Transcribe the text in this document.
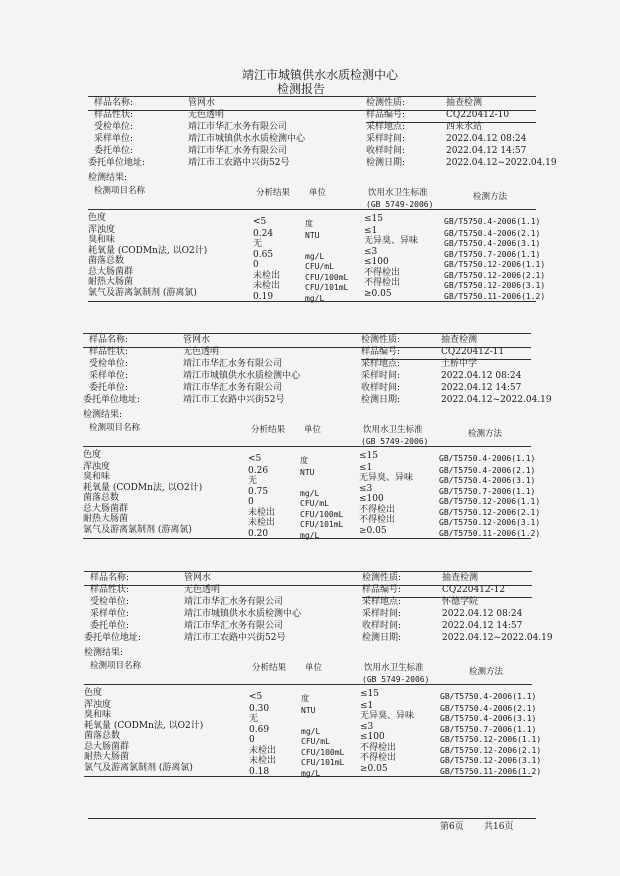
靖江市城镇供水水质检测中心
检测报告
样品名称:	管网水
样品性状:	无色透明
受检单位:	靖江市华汇水务有限公司
采样单位:	靖江市城镇供水水质检测中心
委托单位:	靖江市华汇水务有限公司
委托单位地址:	靖江市工农路中兴街52号
检测性质:	抽查检测
样品编号:	CQ220412-10
采样地点:	西来水站
采样时间:	2022.04.12 08:24
收样时间:	2022.04.12 14:57
检测日期:	2022.04.12~2022.04.19
检测结果:
检测项目名称	分析结果 单位	饮用水卫生标准
(GB 5749-2006)
检测方法
色度	<5	度	≤15	GB/T5750.4-2006(1.1)
浑浊度	0.24	NTU	≤1	GB/T5750.4-2006(2.1)
臭和味	无	无异臭、异味	GB/T5750.4-2006(3.1)
耗氧量 (CODMn法, 以O2计)	0.65	mg/L	≤3	GB/T5750.7-2006(1.1)
菌落总数	0	CFU/mL	≤100	GB/T5750.12-2006(1.1)
总大肠菌群	未检出	CFU/100mL 不得检出	GB/T5750.12-2006(2.1)
耐热大肠菌	未检出	CFU/101mL 不得检出	GB/T5750.12-2006(3.1)
氯气及游离氯制剂 (游离氯)	0.19	mg/L	≥0.05	GB/T5750.11-2006(1.2)
样品名称:	管网水
样品性状:	无色透明
受检单位:	靖江市华汇水务有限公司
采样单位:	靖江市城镇供水水质检测中心
委托单位:	靖江市华汇水务有限公司
委托单位地址:	靖江市工农路中兴街52号
检测性质:	抽查检测
样品编号:	CQ220412-11
采样地点:	土桥中学
采样时间:	2022.04.12 08:24
收样时间:	2022.04.12 14:57
检测日期:	2022.04.12~2022.04.19
检测结果:
检测项目名称	分析结果 单位	饮用水卫生标准
(GB 5749-2006)
检测方法
色度	<5	度	≤15	GB/T5750.4-2006(1.1)
浑浊度	0.26	NTU	≤1	GB/T5750.4-2006(2.1)
臭和味	无	无异臭、异味	GB/T5750.4-2006(3.1)
耗氧量 (CODMn法, 以O2计)	0.75	mg/L	≤3	GB/T5750.7-2006(1.1)
菌落总数	0	CFU/mL	≤100	GB/T5750.12-2006(1.1)
总大肠菌群	未检出	CFU/100mL 不得检出	GB/T5750.12-2006(2.1)
耐热大肠菌	未检出	CFU/101mL 不得检出	GB/T5750.12-2006(3.1)
氯气及游离氯制剂 (游离氯)	0.20	mg/L	≥0.05	GB/T5750.11-2006(1.2)
样品名称:	管网水
样品性状:	无色透明
受检单位:	靖江市华汇水务有限公司
采样单位:	靖江市城镇供水水质检测中心
委托单位:	靖江市华汇水务有限公司
委托单位地址:	靖江市工农路中兴街52号
检测性质:	抽查检测
样品编号:	CQ220412-12
采样地点:	怀德学院
采样时间:	2022.04.12 08:24
收样时间:	2022.04.12 14:57
检测日期:	2022.04.12~2022.04.19
检测结果:
检测项目名称	分析结果 单位	饮用水卫生标准
(GB 5749-2006)
检测方法
色度	<5	度	≤15	GB/T5750.4-2006(1.1)
浑浊度	0.30	NTU	≤1	GB/T5750.4-2006(2.1)
臭和味	无	无异臭、异味	GB/T5750.4-2006(3.1)
耗氧量 (CODMn法, 以O2计)	0.69	mg/L	≤3	GB/T5750.7-2006(1.1)
菌落总数	0	CFU/mL	≤100	GB/T5750.12-2006(1.1)
总大肠菌群	未检出	CFU/100mL 不得检出	GB/T5750.12-2006(2.1)
耐热大肠菌	未检出	CFU/101mL 不得检出	GB/T5750.12-2006(3.1)
氯气及游离氯制剂 (游离氯)	0.18	mg/L	≥0.05	GB/T5750.11-2006(1.2)
第6页 共16页
